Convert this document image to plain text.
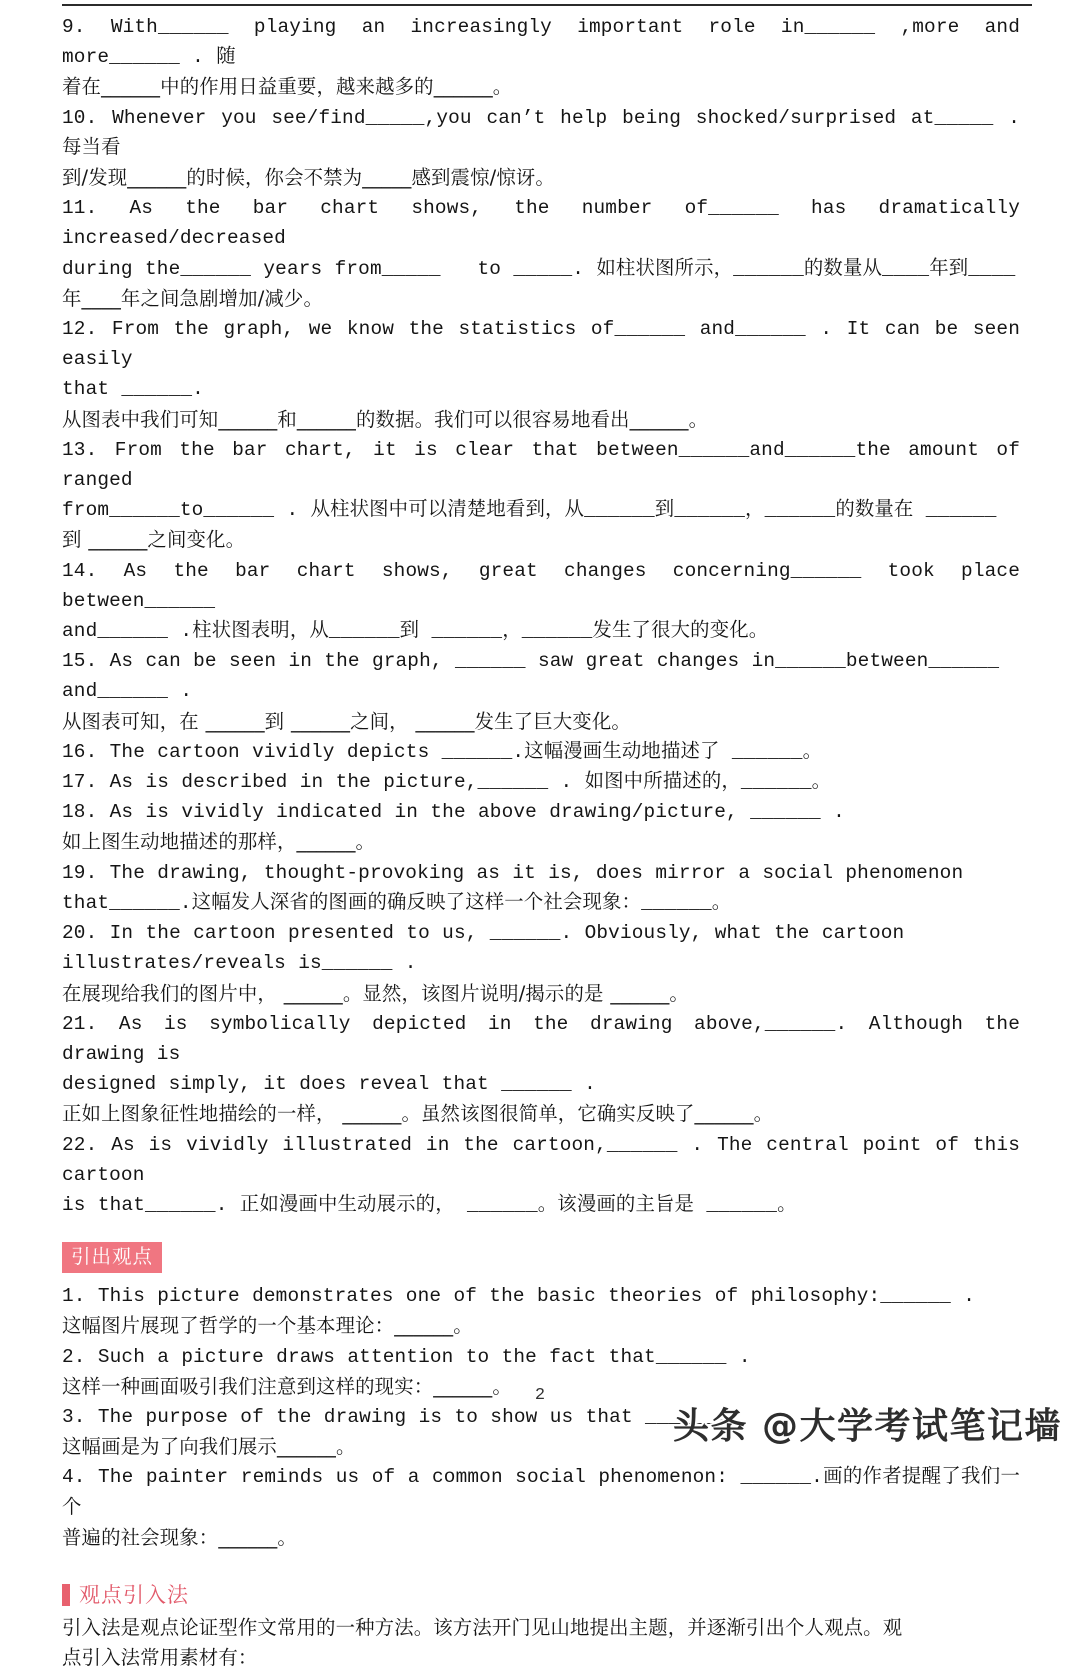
9. With______ playing an increasingly important role in______ ,more and more______ . 随

着在______中的作用日益重要，越来越多的______。

10. Whenever you see/find_____,you can’t help being shocked/surprised at_____ . 每当看

到/发现______的时候，你会不禁为_____感到震惊/惊讶。

11. As the bar chart shows, the number of______ has dramatically increased/decreased

during the______ years from_____   to _____. 如柱状图所示，______的数量从____年到____

年____年之间急剧增加/减少。

12. From the graph, we know the statistics of______ and______ . It can be seen easily

that ______.

从图表中我们可知______和______的数据。我们可以很容易地看出______。

13. From the bar chart, it is clear that between______and______the amount of  ranged

from______to______ . 从柱状图中可以清楚地看到，从______到______，______的数量在 ______

到 ______之间变化。

14. As the bar chart shows, great changes concerning______ took place between______

and______ .柱状图表明，从______到 ______，______发生了很大的变化。

15. As can be seen in the graph, ______ saw great changes in______between______

and______ .

从图表可知，在 ______到 ______之间， ______发生了巨大变化。

16. The cartoon vividly depicts ______.这幅漫画生动地描述了 ______。

17. As is described in the picture,______ . 如图中所描述的，______。

18. As is vividly indicated in the above drawing/picture, ______ .

如上图生动地描述的那样，______。

19. The drawing, thought-provoking as it is, does mirror a social phenomenon

that______.这幅发人深省的图画的确反映了这样一个社会现象：______。

20. In the cartoon presented to us, ______. Obviously, what the cartoon

illustrates/reveals is______ .

在展现给我们的图片中， ______。显然，该图片说明/揭示的是 ______。

21. As is symbolically depicted in the drawing above,______. Although the drawing is

designed simply, it does reveal that ______ .

正如上图象征性地描绘的一样， ______。虽然该图很简单，它确实反映了______。

22. As is vividly illustrated in the cartoon,______ . The central point of this cartoon

is that______. 正如漫画中生动展示的， ______。该漫画的主旨是 ______。

引出观点

1. This picture demonstrates one of the basic theories of philosophy:______ .

这幅图片展现了哲学的一个基本理论：______。

2. Such a picture draws attention to the fact that______ .

这样一种画面吸引我们注意到这样的现实：______。

3. The purpose of the drawing is to show us that ______.

这幅画是为了向我们展示______。

4. The painter reminds us of a common social phenomenon: ______.画的作者提醒了我们一个

普遍的社会现象：______。

观点引入法

引入法是观点论证型作文常用的一种方法。该方法开门见山地提出主题，并逐渐引出个人观点。观

点引入法常用素材有：

2
头条 @大学考试笔记墙
